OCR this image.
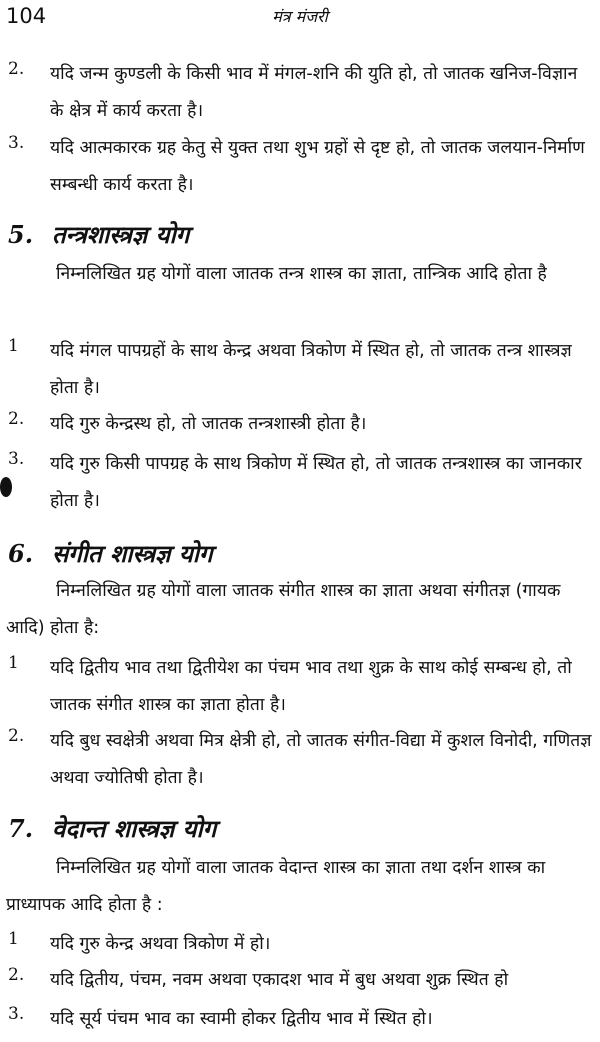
104	मंत्र मंजरी
2.	यदि जन्म कुण्डली के किसी भाव में मंगल-शनि की युति हो, तो जातक खनिज-विज्ञान के क्षेत्र में कार्य करता है।
3.	यदि आत्मकारक ग्रह केतु से युक्त तथा शुभ ग्रहों से दृष्ट हो, तो जातक जलयान-निर्माण सम्बन्धी कार्य करता है।
5. तन्त्रशास्त्रज्ञ योग
निम्नलिखित ग्रह योगों वाला जातक तन्त्र शास्त्र का ज्ञाता, तान्त्रिक आदि होता है
1	यदि मंगल पापग्रहों के साथ केन्द्र अथवा त्रिकोण में स्थित हो, तो जातक तन्त्र शास्त्रज्ञ होता है।
2.	यदि गुरु केन्द्रस्थ हो, तो जातक तन्त्रशास्त्री होता है।
3.	यदि गुरु किसी पापग्रह के साथ त्रिकोण में स्थित हो, तो जातक तन्त्रशास्त्र का जानकार होता है।
6. संगीत शास्त्रज्ञ योग
निम्नलिखित ग्रह योगों वाला जातक संगीत शास्त्र का ज्ञाता अथवा संगीतज्ञ (गायक आदि) होता है:
1	यदि द्वितीय भाव तथा द्वितीयेश का पंचम भाव तथा शुक्र के साथ कोई सम्बन्ध हो, तो जातक संगीत शास्त्र का ज्ञाता होता है।
2.	यदि बुध स्वक्षेत्री अथवा मित्र क्षेत्री हो, तो जातक संगीत-विद्या में कुशल विनोदी, गणितज्ञ अथवा ज्योतिषी होता है।
7. वेदान्त शास्त्रज्ञ योग
निम्नलिखित ग्रह योगों वाला जातक वेदान्त शास्त्र का ज्ञाता तथा दर्शन शास्त्र का प्राध्यापक आदि होता है :
1	यदि गुरु केन्द्र अथवा त्रिकोण में हो।
2.	यदि द्वितीय, पंचम, नवम अथवा एकादश भाव में बुध अथवा शुक्र स्थित हो
3.	यदि सूर्य पंचम भाव का स्वामी होकर द्वितीय भाव में स्थित हो।
